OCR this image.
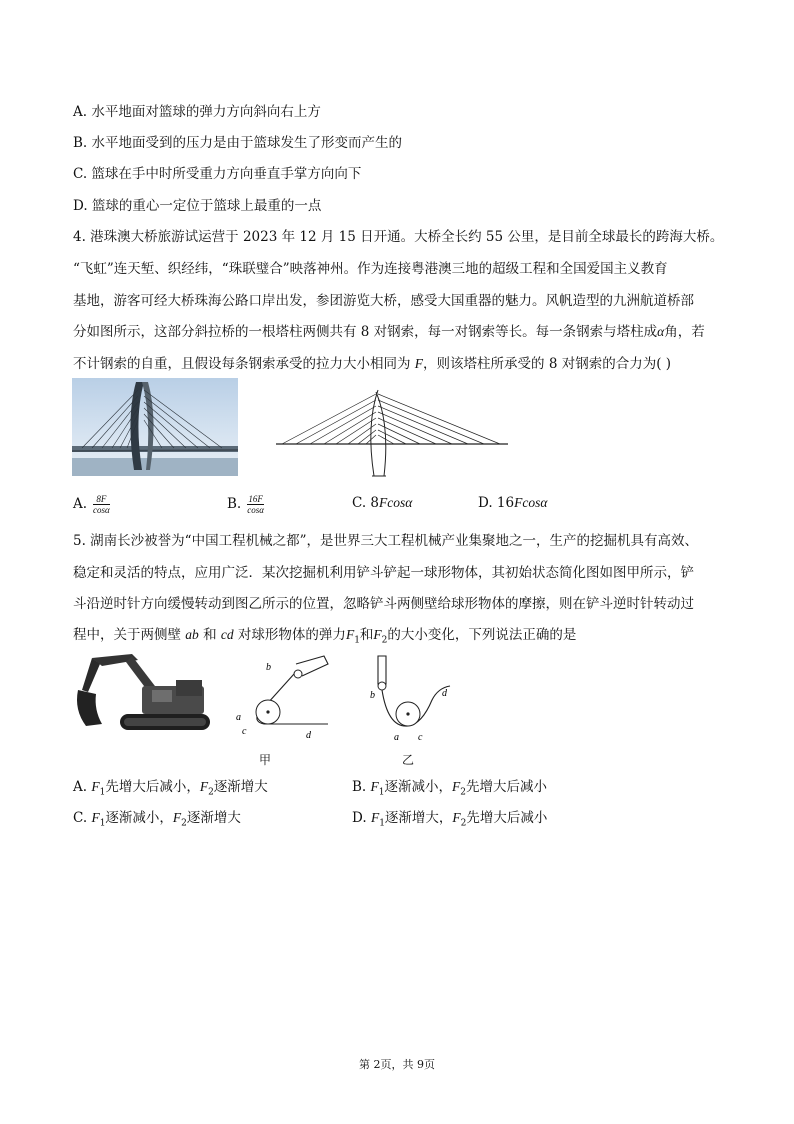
A. 水平地面对篮球的弹力方向斜向右上方
B. 水平地面受到的压力是由于篮球发生了形变而产生的
C. 篮球在手中时所受重力方向垂直手掌方向向下
D. 篮球的重心一定位于篮球上最重的一点
4. 港珠澳大桥旅游试运营于 2023 年 12 月 15 日开通。大桥全长约 55 公里，是目前全球最长的跨海大桥。
“飞虹”连天堑、织经纬，“珠联璧合”映落神州。作为连接粤港澳三地的超级工程和全国爱国主义教育
基地，游客可经大桥珠海公路口岸出发，参团游览大桥，感受大国重器的魅力。风帆造型的九洲航道桥部
分如图所示，这部分斜拉桥的一根塔柱两侧共有 8 对钢索，每一对钢索等长。每一条钢索与塔柱成α角，若
不计钢索的自重，且假设每条钢索承受的拉力大小相同为 F，则该塔柱所承受的 8 对钢索的合力为( )
A. $\frac{8F}{\cos\alpha}$	B. $\frac{16F}{\cos\alpha}$	C. 8Fcosα	D. 16Fcosα
5. 湖南长沙被誉为“中国工程机械之都”，是世界三大工程机械产业集聚地之一，生产的挖掘机具有高效、
稳定和灵活的特点，应用广泛．某次挖掘机利用铲斗铲起一球形物体，其初始状态简化图如图甲所示，铲
斗沿逆时针方向缓慢转动到图乙所示的位置，忽略铲斗两侧壁给球形物体的摩擦，则在铲斗逆时针转动过
程中，关于两侧壁 ab 和 cd 对球形物体的弹力$F_1$和$F_2$的大小变化，下列说法正确的是
b
a
c	d
甲
b
a c
d
乙
A. $F_1$先增大后减小，$F_2$逐渐增大	B. $F_1$逐渐减小，$F_2$先增大后减小
C. $F_1$逐渐减小，$F_2$逐渐增大	D. $F_1$逐渐增大，$F_2$先增大后减小
第 2页，共 9页
